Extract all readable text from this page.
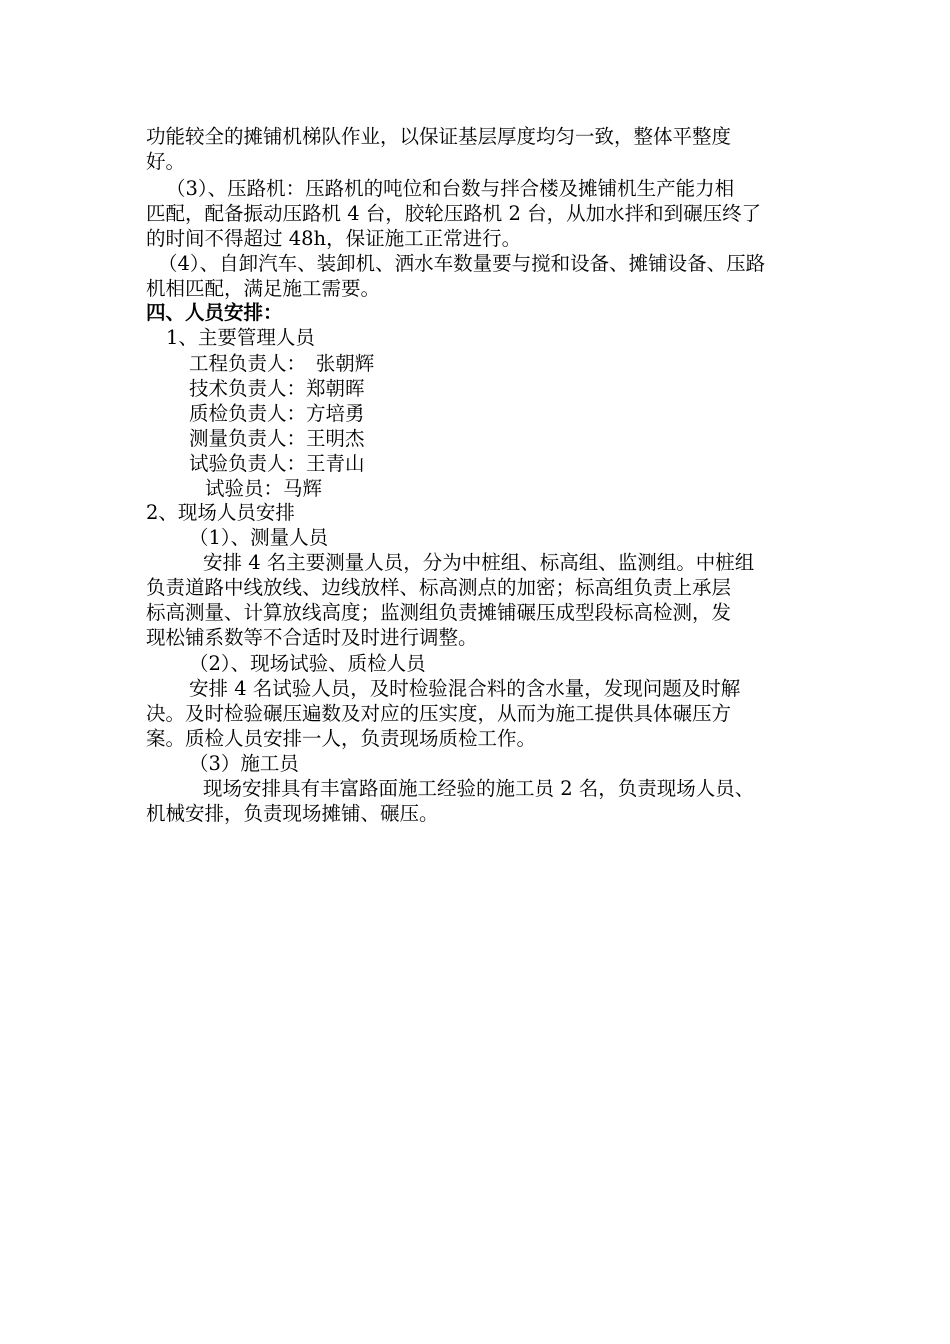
功能较全的摊铺机梯队作业，以保证基层厚度均匀一致，整体平整度
好。
（3）、压路机：压路机的吨位和台数与拌合楼及摊铺机生产能力相
匹配，配备振动压路机 4 台，胶轮压路机 2 台，从加水拌和到碾压终了
的时间不得超过 48h，保证施工正常进行。
（4）、自卸汽车、装卸机、洒水车数量要与搅和设备、摊铺设备、压路
机相匹配，满足施工需要。
四、人员安排：
1、主要管理人员
工程负责人：　张朝辉
技术负责人：郑朝晖
质检负责人：方培勇
测量负责人：王明杰
试验负责人：王青山
试验员：马辉
2、现场人员安排
（1）、测量人员
安排 4 名主要测量人员，分为中桩组、标高组、监测组。中桩组
负责道路中线放线、边线放样、标高测点的加密；标高组负责上承层
标高测量、计算放线高度；监测组负责摊铺碾压成型段标高检测，发
现松铺系数等不合适时及时进行调整。
（2）、现场试验、质检人员
安排 4 名试验人员，及时检验混合料的含水量，发现问题及时解
决。及时检验碾压遍数及对应的压实度，从而为施工提供具体碾压方
案。质检人员安排一人，负责现场质检工作。
（3）施工员
现场安排具有丰富路面施工经验的施工员 2 名，负责现场人员、
机械安排，负责现场摊铺、碾压。
